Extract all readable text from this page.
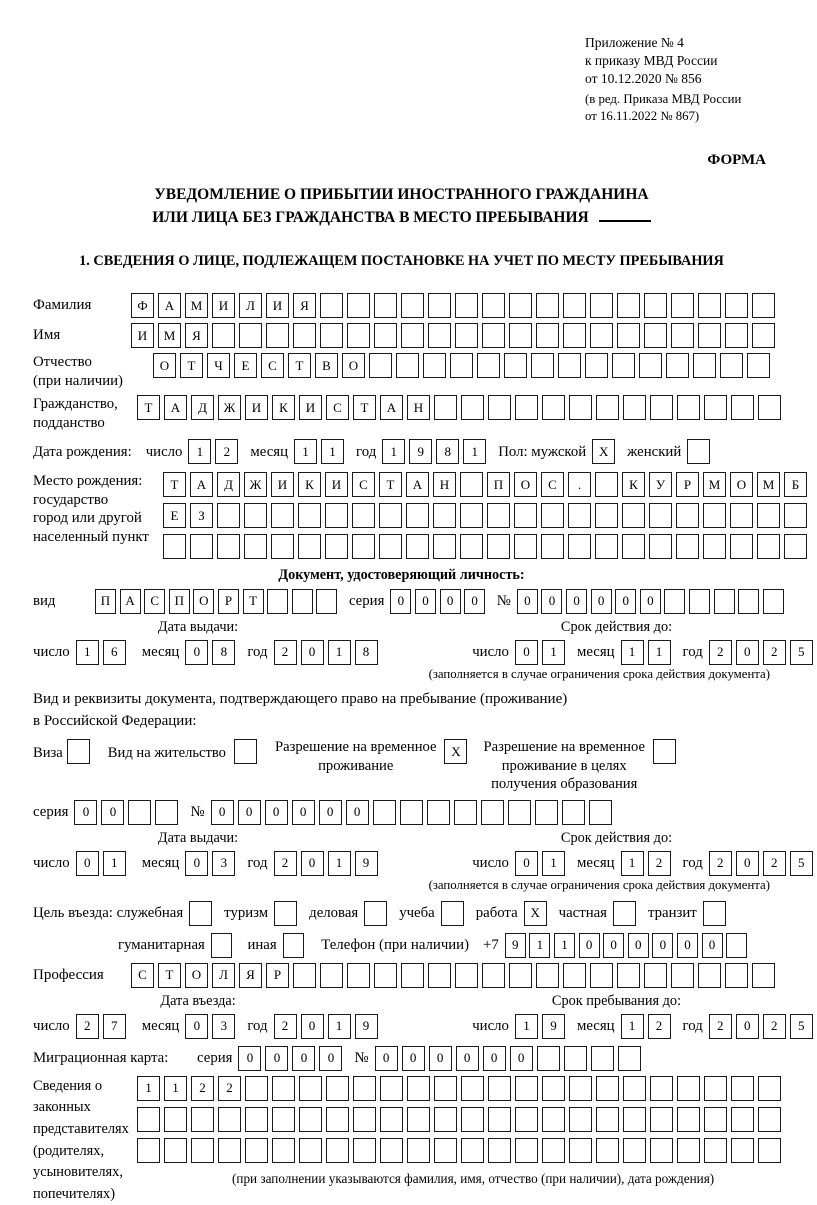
Приложение № 4
к приказу МВД России
от 10.12.2020 № 856
(в ред. Приказа МВД России
от 16.11.2022 № 867)
ФОРМА
УВЕДОМЛЕНИЕ О ПРИБЫТИИ ИНОСТРАННОГО ГРАЖДАНИНА
ИЛИ ЛИЦА БЕЗ ГРАЖДАНСТВА В МЕСТО ПРЕБЫВАНИЯ
1. СВЕДЕНИЯ О ЛИЦЕ, ПОДЛЕЖАЩЕМ ПОСТАНОВКЕ НА УЧЕТ ПО МЕСТУ ПРЕБЫВАНИЯ
Фамилия	Ф	А	М	И	Л	И	Я
Имя	И	М	Я
Отчество
(при наличии)
О	Т	Ч	Е	С	Т	В	О
Гражданство,
подданство
Т	А	Д	Ж	И	К	И	С	Т	А	Н
Дата рождения: число	1	2	месяц	1	1	год	1	9	8	1	Пол: мужской X	женский
Место рождения:
государство
город или другой
населенный пункт
Т	А	Д	Ж	И	К	И	С	Т	А	Н	П	О	С	.	К	У	Р	М	О	М	Б
Е	З
Документ, удостоверяющий личность:
вид	П	А	С	П	О	Р	Т	серия	0	0	0	0	№	0	0	0	0	0	0
Дата выдачи:
число	1	6	месяц	0	8	год	2	0	1	8
Срок действия до:
число	0	1	месяц	1	1	год	2	0	2	5
(заполняется в случае ограничения срока действия документа)
Вид и реквизиты документа, подтверждающего право на пребывание (проживание)
в Российской Федерации:
Виза	Вид на жительство	Разрешение на временное
проживание
X	Разрешение на временное
проживание в целях
получения образования
серия	0	0	№	0	0	0	0	0	0
Дата выдачи:
число	0	1	месяц	0	3	год	2	0	1	9
Срок действия до:
число	0	1	месяц	1	2	год	2	0	2	5
(заполняется в случае ограничения срока действия документа)
Цель въезда: служебная	туризм	деловая	учеба	работа X	частная	транзит
гуманитарная	иная	Телефон (при наличии) +7	9	1	1	0	0	0	0	0	0
Профессия	С	Т	О	Л	Я	Р
Дата въезда:
число	2	7	месяц	0	3	год	2	0	1	9
Срок пребывания до:
число	1	9	месяц	1	2	год	2	0	2	5
Миграционная карта:	серия	0	0	0	0	№	0	0	0	0	0	0
Сведения о
законных
представителях
(родителях,
усыновителях,
попечителях)
1	1	2	2
(при заполнении указываются фамилия, имя, отчество (при наличии), дата рождения)
